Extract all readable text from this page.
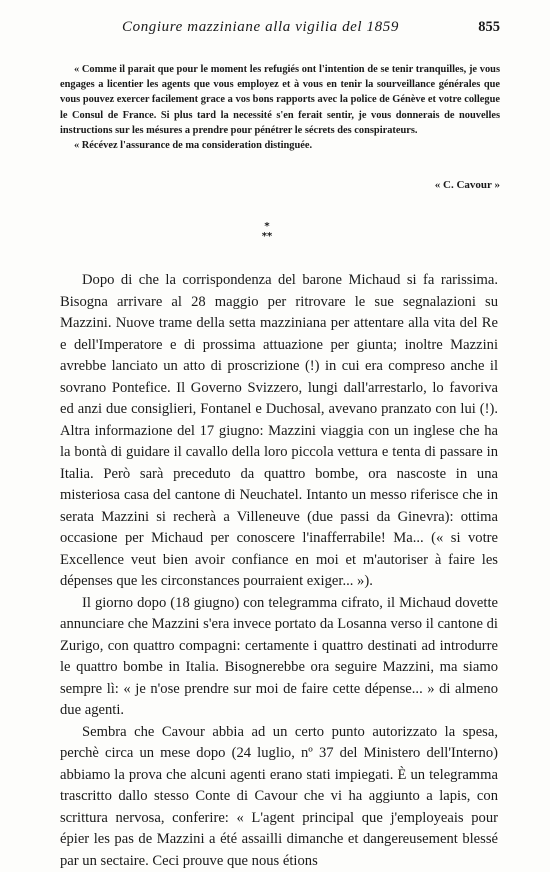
Congiure mazziniane alla vigilia del 1859	855

« Comme il parait que pour le moment les refugiés ont l'intention de se tenir tranquilles, je vous engages a licentier les agents que vous employez et à vous en tenir la sourveillance générales que vous pouvez exercer facilement grace a vos bons rapports avec la police de Génève et votre collegue le Consul de France. Si plus tard la necessité s'en ferait sentir, je vous donnerais de nouvelles instructions sur les mésures a prendre pour pénétrer le sécrets des conspirateurs.

« Récévez l'assurance de ma consideration distinguée.

« C. Cavour »
*
**

Dopo di che la corrispondenza del barone Michaud si fa rarissima. Bisogna arrivare al 28 maggio per ritrovare le sue segnalazioni su Mazzini. Nuove trame della setta mazziniana per attentare alla vita del Re e dell'Imperatore e di prossima attuazione per giunta; inoltre Mazzini avrebbe lanciato un atto di proscrizione (!) in cui era compreso anche il sovrano Pontefice. Il Governo Svizzero, lungi dall'arrestarlo, lo favoriva ed anzi due consiglieri, Fontanel e Duchosal, avevano pranzato con lui (!). Altra informazione del 17 giugno: Mazzini viaggia con un inglese che ha la bontà di guidare il cavallo della loro piccola vettura e tenta di passare in Italia. Però sarà preceduto da quattro bombe, ora nascoste in una misteriosa casa del cantone di Neuchatel. Intanto un messo riferisce che in serata Mazzini si recherà a Villeneuve (due passi da Ginevra): ottima occasione per Michaud per conoscere l'inafferrabile! Ma... (« si votre Excellence veut bien avoir confiance en moi et m'autoriser à faire les dépenses que les circonstances pourraient exiger... »).

Il giorno dopo (18 giugno) con telegramma cifrato, il Michaud dovette annunciare che Mazzini s'era invece portato da Losanna verso il cantone di Zurigo, con quattro compagni: certamente i quattro destinati ad introdurre le quattro bombe in Italia. Bisognerebbe ora seguire Mazzini, ma siamo sempre lì: « je n'ose prendre sur moi de faire cette dépense... » di almeno due agenti.

Sembra che Cavour abbia ad un certo punto autorizzato la spesa, perchè circa un mese dopo (24 luglio, nº 37 del Ministero dell'Interno) abbiamo la prova che alcuni agenti erano stati impiegati. È un telegramma trascritto dallo stesso Conte di Cavour che vi ha aggiunto a lapis, con scrittura nervosa, conferire: « L'agent principal que j'employeais pour épier les pas de Mazzini a été assailli dimanche et dangereusement blessé par un sectaire. Ceci prouve que nous étions
